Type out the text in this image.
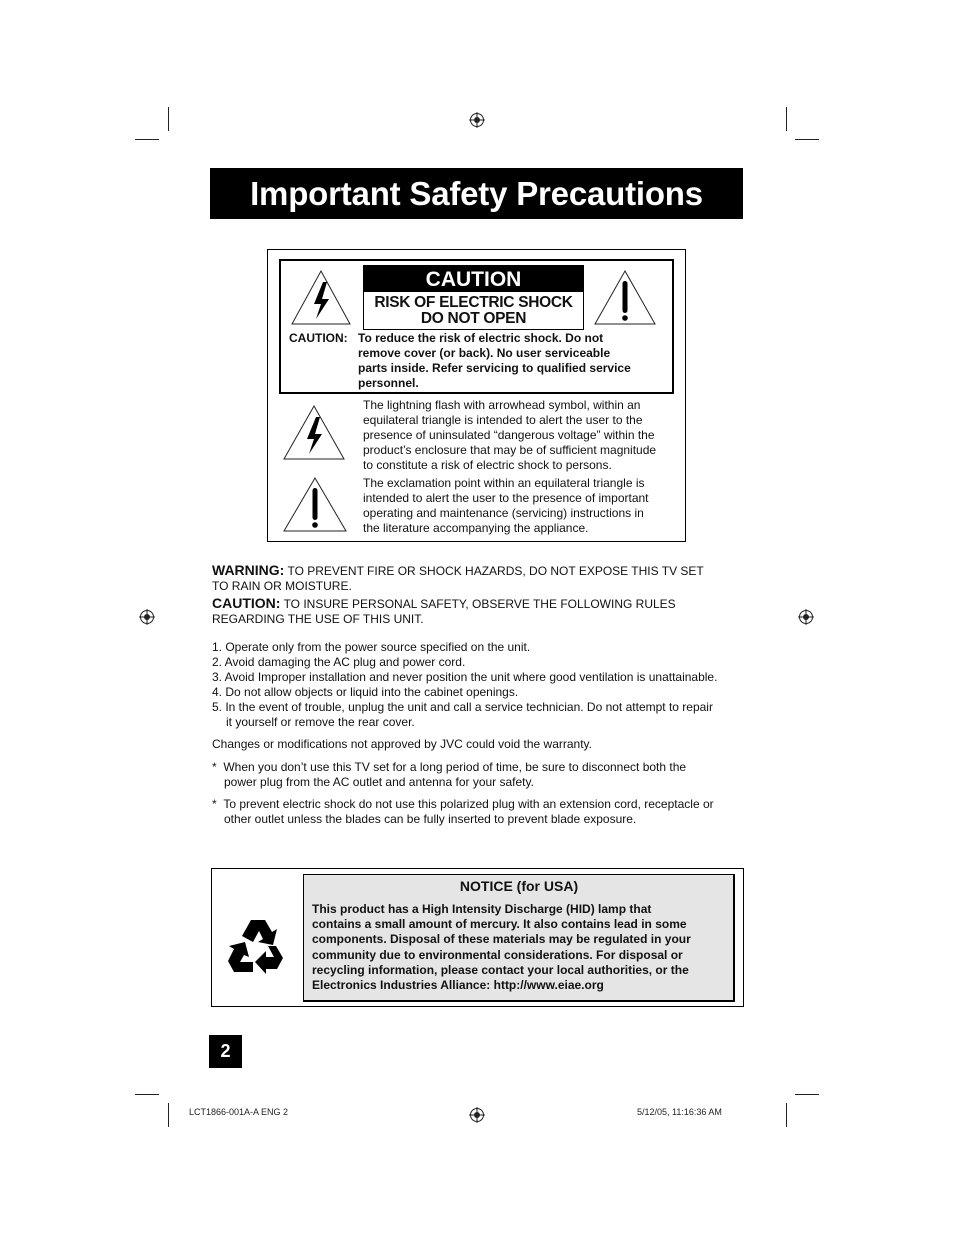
Important Safety Precautions
CAUTION
RISK OF ELECTRIC SHOCK
DO NOT OPEN
CAUTION: To reduce the risk of electric shock. Do not
remove cover (or back). No user serviceable
parts inside. Refer servicing to qualified service
personnel.
The lightning flash with arrowhead symbol, within an
equilateral triangle is intended to alert the user to the
presence of uninsulated “dangerous voltage” within the
product’s enclosure that may be of sufficient magnitude
to constitute a risk of electric shock to persons.
The exclamation point within an equilateral triangle is
intended to alert the user to the presence of important
operating and maintenance (servicing) instructions in
the literature accompanying the appliance.
WARNING: TO PREVENT FIRE OR SHOCK HAZARDS, DO NOT EXPOSE THIS TV SET
TO RAIN OR MOISTURE.
CAUTION: TO INSURE PERSONAL SAFETY, OBSERVE THE FOLLOWING RULES
REGARDING THE USE OF THIS UNIT.
1. Operate only from the power source specified on the unit.
2. Avoid damaging the AC plug and power cord.
3. Avoid Improper installation and never position the unit where good ventilation is unattainable.
4. Do not allow objects or liquid into the cabinet openings.
5. In the event of trouble, unplug the unit and call a service technician. Do not attempt to repair
it yourself or remove the rear cover.
Changes or modifications not approved by JVC could void the warranty.
* When you don’t use this TV set for a long period of time, be sure to disconnect both the
power plug from the AC outlet and antenna for your safety.
* To prevent electric shock do not use this polarized plug with an extension cord, receptacle or
other outlet unless the blades can be fully inserted to prevent blade exposure.
NOTICE (for USA)
This product has a High Intensity Discharge (HID) lamp that
contains a small amount of mercury. It also contains lead in some
components. Disposal of these materials may be regulated in your
community due to environmental considerations. For disposal or
recycling information, please contact your local authorities, or the
Electronics Industries Alliance: http://www.eiae.org
2
LCT1866-001A-A ENG 2	5/12/05, 11:16:36 AM
